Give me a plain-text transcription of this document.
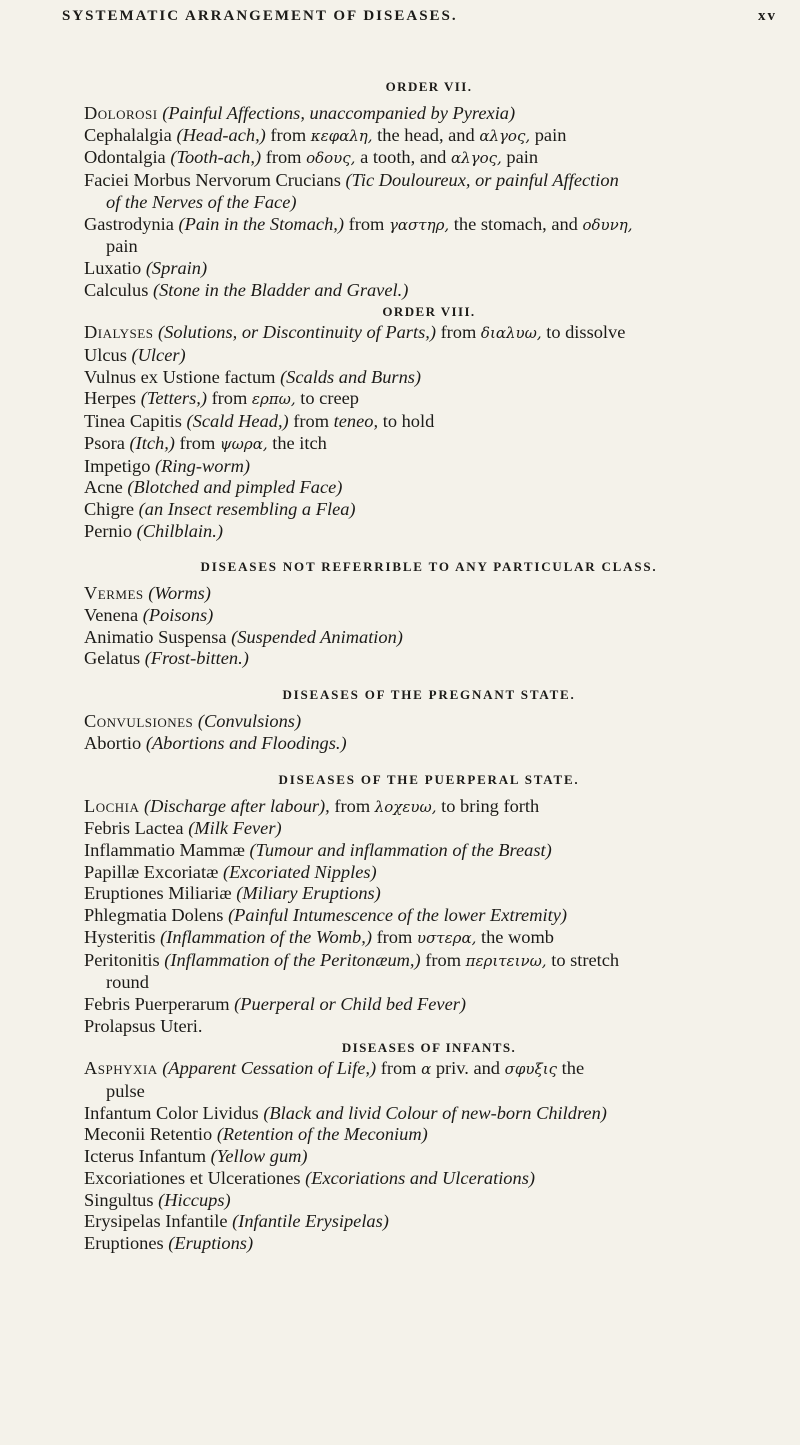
SYSTEMATIC ARRANGEMENT OF DISEASES.	xv
ORDER VII.
Dolorosi (Painful Affections, unaccompanied by Pyrexia)
Cephalalgia (Head-ach,) from κεφαλη, the head, and αλγος, pain
Odontalgia (Tooth-ach,) from οδους, a tooth, and αλγος, pain
Faciei Morbus Nervorum Crucians (Tic Douloureux, or painful Affection
of the Nerves of the Face)
Gastrodynia (Pain in the Stomach,) from γαστηρ, the stomach, and οδυνη,
pain
Luxatio (Sprain)
Calculus (Stone in the Bladder and Gravel.)
ORDER VIII.
Dialyses (Solutions, or Discontinuity of Parts,) from διαλυω, to dissolve
Ulcus (Ulcer)
Vulnus ex Ustione factum (Scalds and Burns)
Herpes (Tetters,) from ερπω, to creep
Tinea Capitis (Scald Head,) from teneo, to hold
Psora (Itch,) from ψωρα, the itch
Impetigo (Ring-worm)
Acne (Blotched and pimpled Face)
Chigre (an Insect resembling a Flea)
Pernio (Chilblain.)
DISEASES NOT REFERRIBLE TO ANY PARTICULAR CLASS.
Vermes (Worms)
Venena (Poisons)
Animatio Suspensa (Suspended Animation)
Gelatus (Frost-bitten.)
DISEASES OF THE PREGNANT STATE.
Convulsiones (Convulsions)
Abortio (Abortions and Floodings.)
DISEASES OF THE PUERPERAL STATE.
Lochia (Discharge after labour), from λοχευω, to bring forth
Febris Lactea (Milk Fever)
Inflammatio Mammæ (Tumour and inflammation of the Breast)
Papillæ Excoriatæ (Excoriated Nipples)
Eruptiones Miliariæ (Miliary Eruptions)
Phlegmatia Dolens (Painful Intumescence of the lower Extremity)
Hysteritis (Inflammation of the Womb,) from υστερα, the womb
Peritonitis (Inflammation of the Peritonæum,) from περιτεινω, to stretch
round
Febris Puerperarum (Puerperal or Child bed Fever)
Prolapsus Uteri.
DISEASES OF INFANTS.
Asphyxia (Apparent Cessation of Life,) from α priv. and σφυξις the
pulse
Infantum Color Lividus (Black and livid Colour of new-born Children)
Meconii Retentio (Retention of the Meconium)
Icterus Infantum (Yellow gum)
Excoriationes et Ulcerationes (Excoriations and Ulcerations)
Singultus (Hiccups)
Erysipelas Infantile (Infantile Erysipelas)
Eruptiones (Eruptions)
